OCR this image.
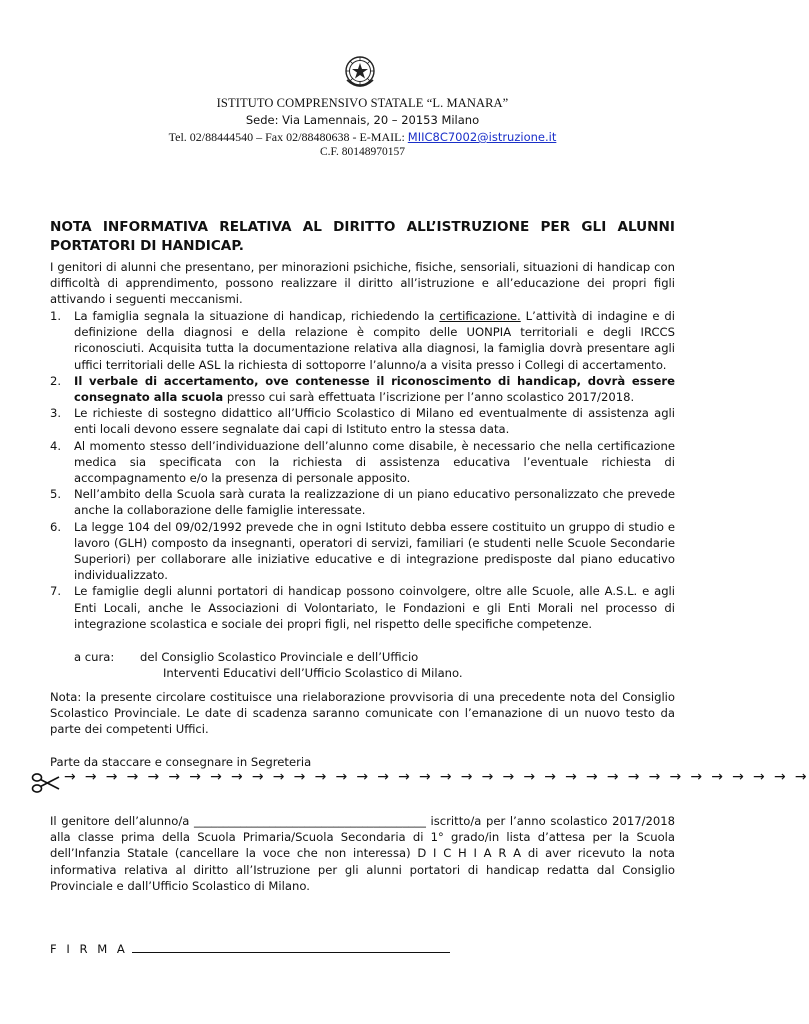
ISTITUTO COMPRENSIVO STATALE “L. MANARA”
Sede: Via Lamennais, 20 – 20153 Milano
Tel. 02/88444540 – Fax 02/88480638 - E-MAIL: MIIC8C7002@istruzione.it
C.F. 80148970157
NOTA INFORMATIVA RELATIVA AL DIRITTO ALL’ISTRUZIONE PER GLI ALUNNI PORTATORI DI HANDICAP.
I genitori di alunni che presentano, per minorazioni psichiche, fisiche, sensoriali, situazioni di handicap con difficoltà di apprendimento, possono realizzare il diritto all’istruzione e all’educazione dei propri figli attivando i seguenti meccanismi.
1. La famiglia segnala la situazione di handicap, richiedendo la certificazione. L’attività di indagine e di definizione della diagnosi e della relazione è compito delle UONPIA territoriali e degli IRCCS riconosciuti. Acquisita tutta la documentazione relativa alla diagnosi, la famiglia dovrà presentare agli uffici territoriali delle ASL la richiesta di sottoporre l’alunno/a a visita presso i Collegi di accertamento.
2. Il verbale di accertamento, ove contenesse il riconoscimento di handicap, dovrà essere consegnato alla scuola presso cui sarà effettuata l’iscrizione per l’anno scolastico 2017/2018.
3. Le richieste di sostegno didattico all’Ufficio Scolastico di Milano ed eventualmente di assistenza agli enti locali devono essere segnalate dai capi di Istituto entro la stessa data.
4. Al momento stesso dell’individuazione dell’alunno come disabile, è necessario che nella certificazione medica sia specificata con la richiesta di assistenza educativa l’eventuale richiesta di accompagnamento e/o la presenza di personale apposito.
5. Nell’ambito della Scuola sarà curata la realizzazione di un piano educativo personalizzato che prevede anche la collaborazione delle famiglie interessate.
6. La legge 104 del 09/02/1992 prevede che in ogni Istituto debba essere costituito un gruppo di studio e lavoro (GLH) composto da insegnanti, operatori di servizi, familiari (e studenti nelle Scuole Secondarie Superiori) per collaborare alle iniziative educative e di integrazione predisposte dal piano educativo individualizzato.
7. Le famiglie degli alunni portatori di handicap possono coinvolgere, oltre alle Scuole, alle A.S.L. e agli Enti Locali, anche le Associazioni di Volontariato, le Fondazioni e gli Enti Morali nel processo di integrazione scolastica e sociale dei propri figli, nel rispetto delle specifiche competenze.
a cura: del Consiglio Scolastico Provinciale e dell’Ufficio
Interventi Educativi dell’Ufficio Scolastico di Milano.
Nota: la presente circolare costituisce una rielaborazione provvisoria di una precedente nota del Consiglio Scolastico Provinciale. Le date di scadenza saranno comunicate con l’emanazione di un nuovo testo da parte dei competenti Uffici.
Parte da staccare e consegnare in Segreteria
→ → → → → → → → → → → → → → → → → → → → → → → → → → → → → → → → → → → →
Il genitore dell’alunno/a ________________________________________ iscritto/a per l’anno scolastico 2017/2018 alla classe prima della Scuola Primaria/Scuola Secondaria di 1° grado/in lista d’attesa per la Scuola dell’Infanzia Statale (cancellare la voce che non interessa) D I C H I A R A di aver ricevuto la nota informativa relativa al diritto all’Istruzione per gli alunni portatori di handicap redatta dal Consiglio Provinciale e dall’Ufficio Scolastico di Milano.
F I R M A
